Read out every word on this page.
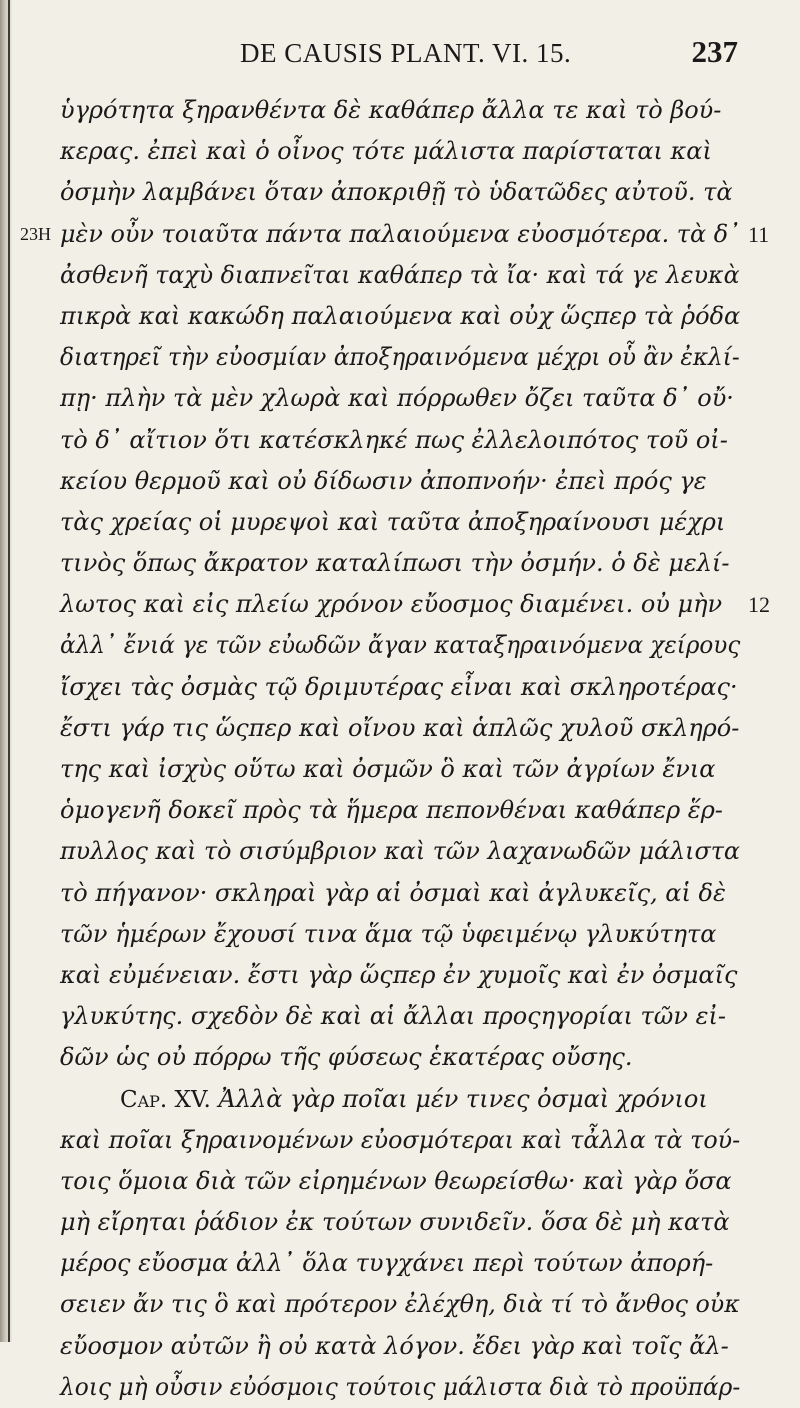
DE CAUSIS PLANT. VI. 15.	237
ὑγρότητα ξηρανθέντα δὲ καθάπερ ἄλλα τε καὶ τὸ βού-
κερας. ἐπεὶ καὶ ὁ οἶνος τότε μάλιστα παρίσταται καὶ
ὀσμὴν λαμβάνει ὅταν ἀποκριθῇ τὸ ὑδατῶδες αὐτοῦ. τὰ
23H μὲν οὖν τοιαῦτα πάντα παλαιούμενα εὐοσμότερα. τὰ δ᾽ 11
ἀσθενῆ ταχὺ διαπνεῖται καθάπερ τὰ ἴα· καὶ τά γε λευκὰ
πικρὰ καὶ κακώδη παλαιούμενα καὶ οὐχ ὥςπερ τὰ ῥόδα
διατηρεῖ τὴν εὐοσμίαν ἀποξηραινόμενα μέχρι οὗ ἂν ἐκλί-
πῃ· πλὴν τὰ μὲν χλωρὰ καὶ πόρρωθεν ὄζει ταῦτα δ᾽ οὔ·
τὸ δ᾽ αἴτιον ὅτι κατέσκληκέ πως ἐλλελοιπότος τοῦ οἰ-
κείου θερμοῦ καὶ οὐ δίδωσιν ἀποπνοήν· ἐπεὶ πρός γε
τὰς χρείας οἱ μυρεψοὶ καὶ ταῦτα ἀποξηραίνουσι μέχρι
τινὸς ὅπως ἄκρατον καταλίπωσι τὴν ὀσμήν. ὁ δὲ μελί-
λωτος καὶ εἰς πλείω χρόνον εὔοσμος διαμένει. οὐ μὴν 12
ἀλλ᾽ ἔνιά γε τῶν εὐωδῶν ἄγαν καταξηραινόμενα χείρους
ἴσχει τὰς ὀσμὰς τῷ δριμυτέρας εἶναι καὶ σκληροτέρας·
ἔστι γάρ τις ὥςπερ καὶ οἴνου καὶ ἁπλῶς χυλοῦ σκληρό-
της καὶ ἰσχὺς οὕτω καὶ ὀσμῶν ὃ καὶ τῶν ἀγρίων ἔνια
ὁμογενῆ δοκεῖ πρὸς τὰ ἥμερα πεπονθέναι καθάπερ ἕρ-
πυλλος καὶ τὸ σισύμβριον καὶ τῶν λαχανωδῶν μάλιστα
τὸ πήγανον· σκληραὶ γὰρ αἱ ὀσμαὶ καὶ ἀγλυκεῖς, αἱ δὲ
τῶν ἡμέρων ἔχουσί τινα ἅμα τῷ ὑφειμένῳ γλυκύτητα
καὶ εὐμένειαν. ἔστι γὰρ ὥςπερ ἐν χυμοῖς καὶ ἐν ὀσμαῖς
γλυκύτης. σχεδὸν δὲ καὶ αἱ ἄλλαι προςηγορίαι τῶν εἰ-
δῶν ὡς οὐ πόρρω τῆς φύσεως ἑκατέρας οὔσης.
Cap. XV. Ἀλλὰ γὰρ ποῖαι μέν τινες ὀσμαὶ χρόνιοι
καὶ ποῖαι ξηραινομένων εὐοσμότεραι καὶ τἆλλα τὰ τού-
τοις ὅμοια διὰ τῶν εἰρημένων θεωρείσθω· καὶ γὰρ ὅσα
μὴ εἴρηται ῥάδιον ἐκ τούτων συνιδεῖν. ὅσα δὲ μὴ κατὰ
μέρος εὔοσμα ἀλλ᾽ ὅλα τυγχάνει περὶ τούτων ἀπορή-
σειεν ἄν τις ὃ καὶ πρότερον ἐλέχθη, διὰ τί τὸ ἄνθος οὐκ
εὔοσμον αὐτῶν ἢ οὐ κατὰ λόγον. ἔδει γὰρ καὶ τοῖς ἄλ-
λοις μὴ οὖσιν εὐόσμοις τούτοις μάλιστα διὰ τὸ προϋπάρ-
